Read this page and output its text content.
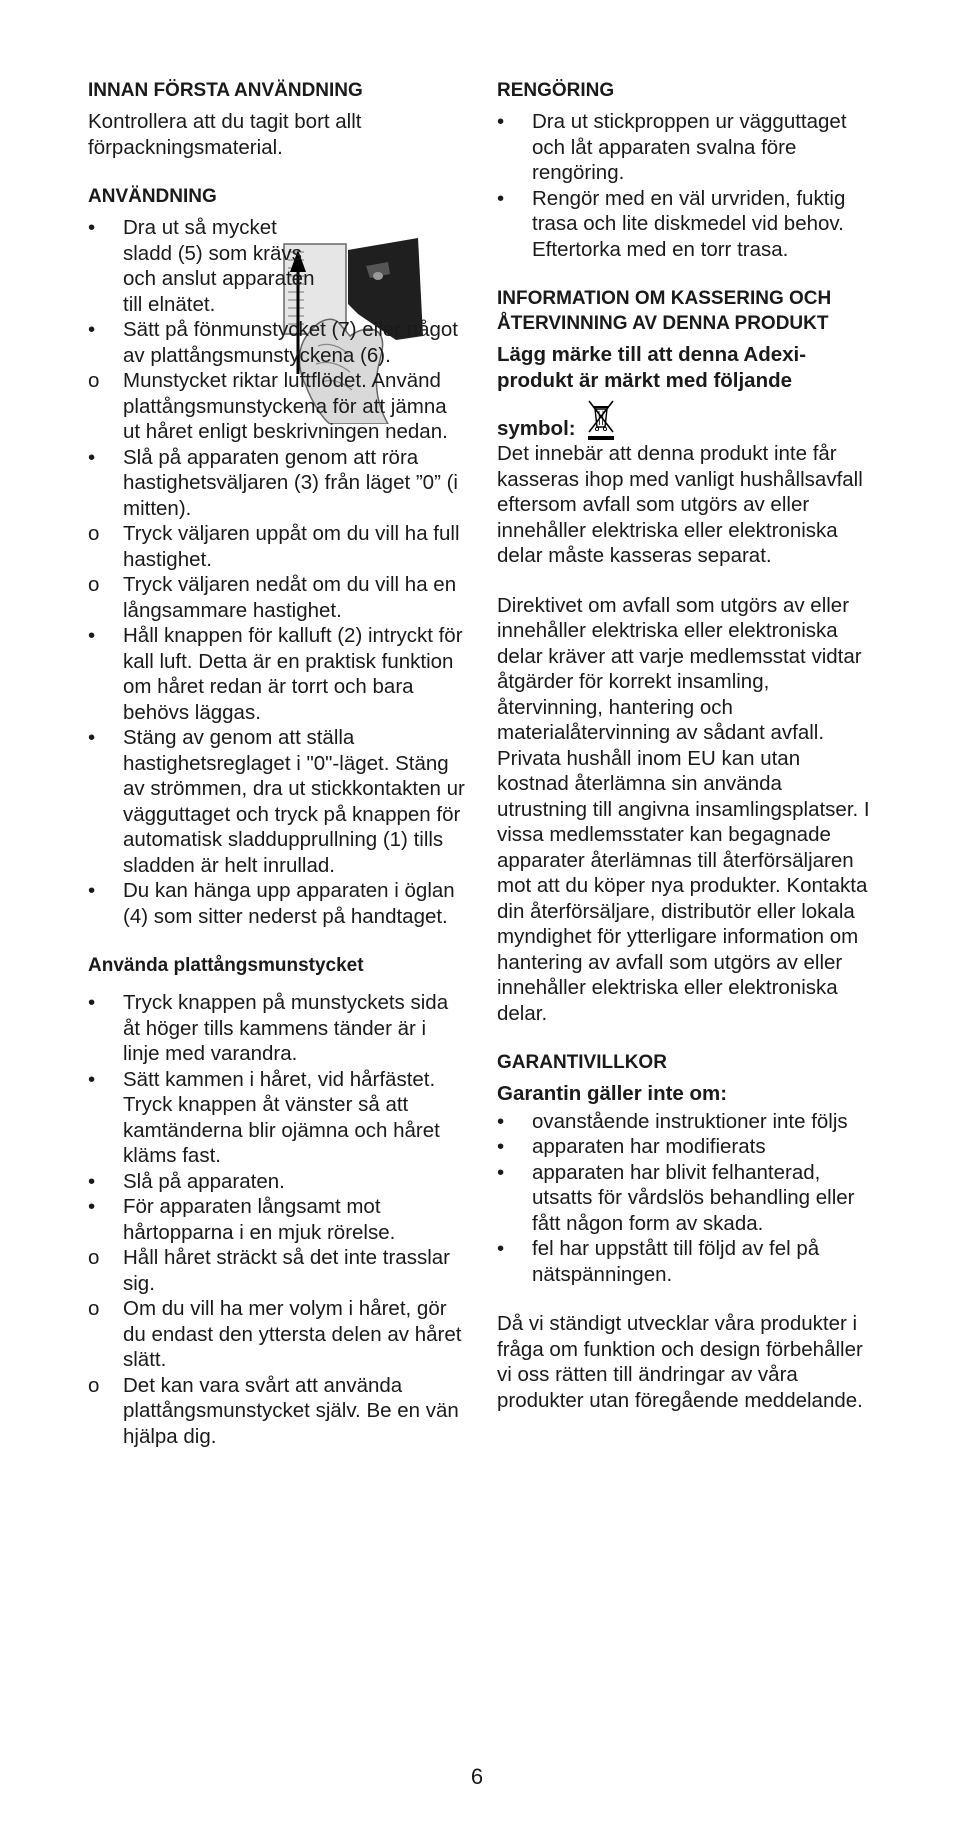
INNAN FÖRSTA ANVÄNDNING

Kontrollera att du tagit bort allt förpackningsmaterial.

ANVÄNDNING
•	Dra ut så mycket sladd (5) som krävs och anslut apparaten till elnätet.
•	Sätt på fönmunstycket (7) eller något av plattångsmunstyckena (6).
o	Munstycket riktar luftflödet. Använd plattångsmunstyckena för att jämna ut håret enligt beskrivningen nedan.
•	Slå på apparaten genom att röra hastighetsväljaren (3) från läget ”0” (i mitten).
o	Tryck väljaren uppåt om du vill ha full hastighet.
o	Tryck väljaren nedåt om du vill ha en långsammare hastighet.
•	Håll knappen för kalluft (2) intryckt för kall luft. Detta är en praktisk funktion om håret redan är torrt och bara behövs läggas.
•	Stäng av genom att ställa hastighetsreglaget i "0"-läget. Stäng av strömmen, dra ut stickkontakten ur vägguttaget och tryck på knappen för automatisk sladdupprullning (1) tills sladden är helt inrullad.
•	Du kan hänga upp apparaten i öglan (4) som sitter nederst på handtaget.
Använda plattångsmunstycket
•	Tryck knappen på munstyckets sida åt höger tills kammens tänder är i linje med varandra.
•	Sätt kammen i håret, vid hårfästet. Tryck knappen åt vänster så att kamtänderna blir ojämna och håret kläms fast.
•	Slå på apparaten.
•	För apparaten långsamt mot hårtopparna i en mjuk rörelse.
o	Håll håret sträckt så det inte trasslar sig.
o	Om du vill ha mer volym i håret, gör du endast den yttersta delen av håret slätt.
o	Det kan vara svårt att använda plattångsmunstycket själv. Be en vän hjälpa dig.
RENGÖRING
•	Dra ut stickproppen ur vägguttaget och låt apparaten svalna före rengöring.
•	Rengör med en väl urvriden, fuktig trasa och lite diskmedel vid behov. Eftertorka med en torr trasa.
INFORMATION OM KASSERING OCH ÅTERVINNING AV DENNA PRODUKT

Lägg märke till att denna Adexi-produkt är märkt med följande

symbol:

Det innebär att denna produkt inte får kasseras ihop med vanligt hushållsavfall eftersom avfall som utgörs av eller innehåller elektriska eller elektroniska delar måste kasseras separat.

Direktivet om avfall som utgörs av eller innehåller elektriska eller elektroniska delar kräver att varje medlemsstat vidtar åtgärder för korrekt insamling, återvinning, hantering och materialåtervinning av sådant avfall. Privata hushåll inom EU kan utan kostnad återlämna sin använda utrustning till angivna insamlingsplatser. I vissa medlemsstater kan begagnade apparater återlämnas till återförsäljaren mot att du köper nya produkter. Kontakta din återförsäljare, distributör eller lokala myndighet för ytterligare information om hantering av avfall som utgörs av eller innehåller elektriska eller elektroniska delar.

GARANTIVILLKOR

Garantin gäller inte om:

•	ovanstående instruktioner inte följs
•	apparaten har modifierats
•	apparaten har blivit felhanterad, utsatts för vårdslös behandling eller fått någon form av skada.
•	fel har uppstått till följd av fel på nätspänningen.

Då vi ständigt utvecklar våra produkter i fråga om funktion och design förbehåller vi oss rätten till ändringar av våra produkter utan föregående meddelande.

6
